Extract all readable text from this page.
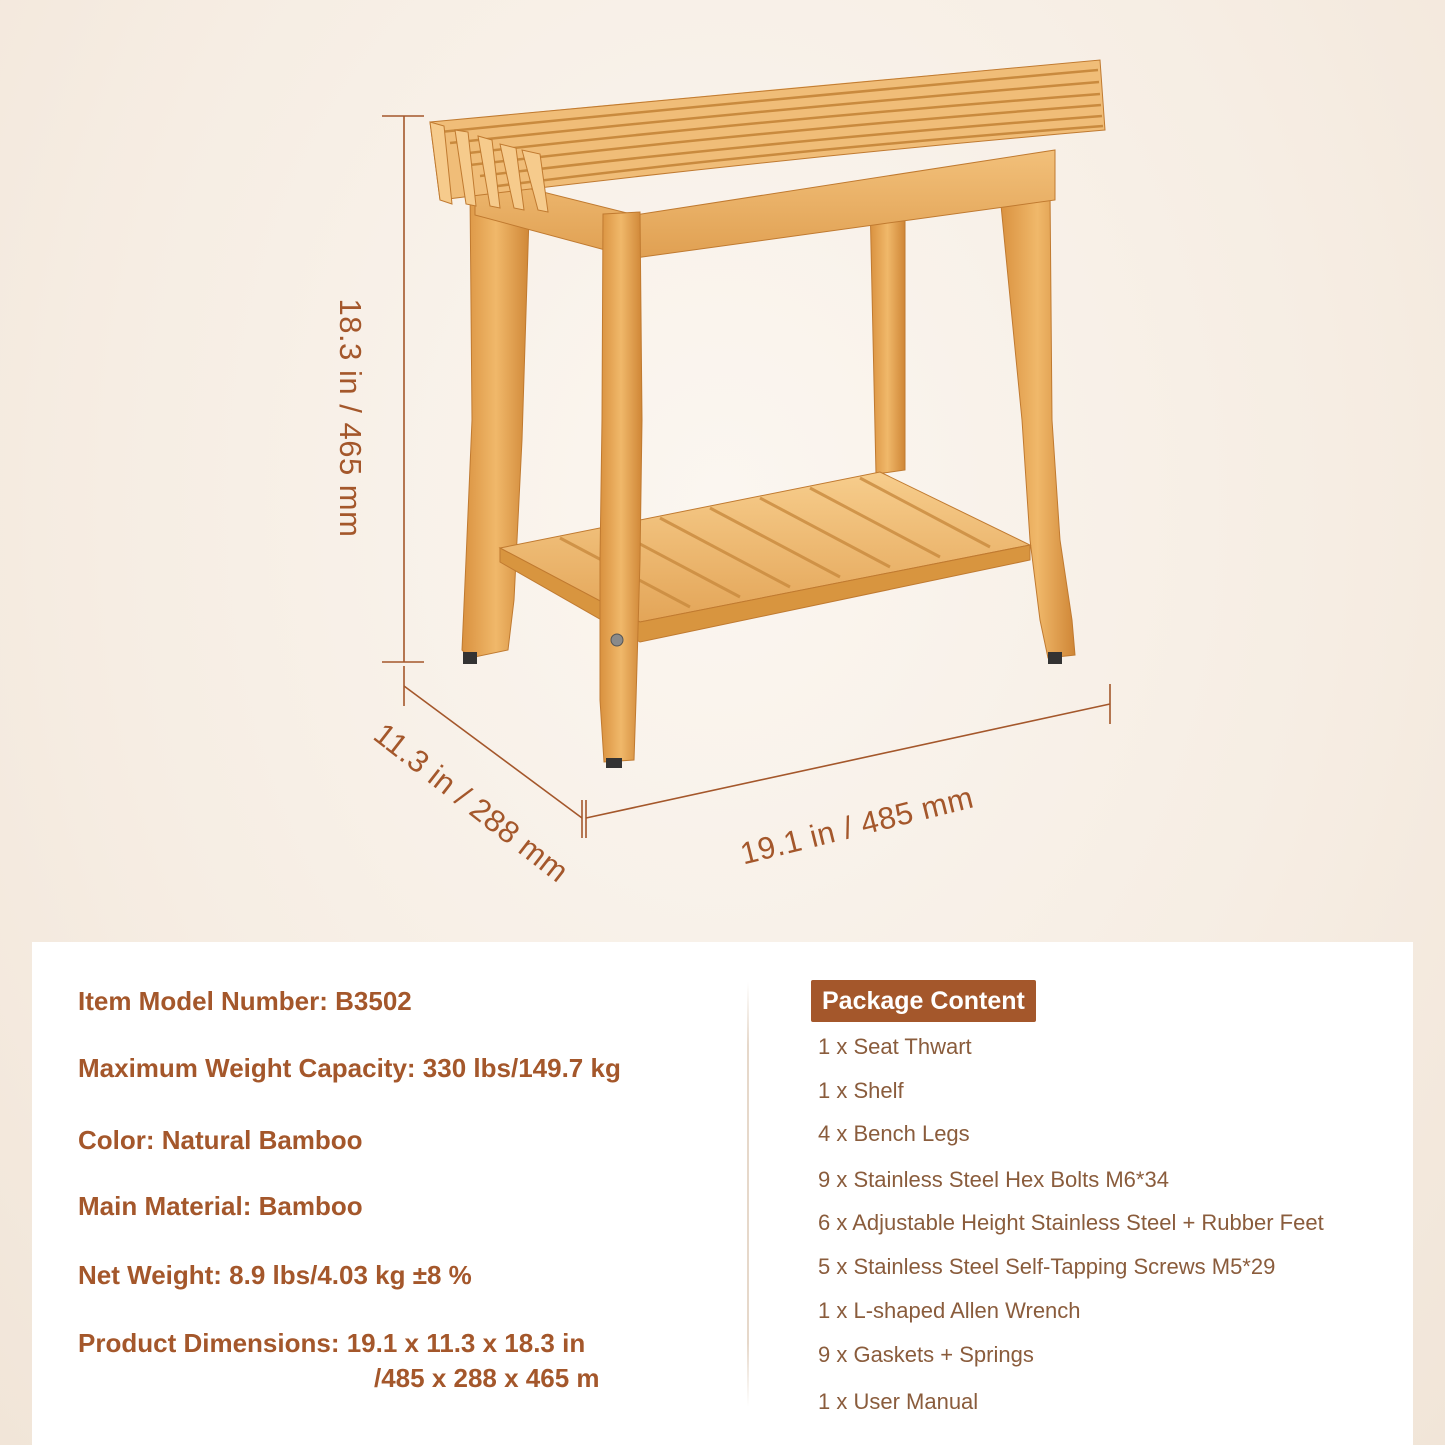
18.3 in / 465 mm
11.3 in / 288 mm	19.1 in / 485 mm
Item Model Number: B3502
Maximum Weight Capacity: 330 lbs/149.7 kg
Color: Natural Bamboo
Main Material: Bamboo
Net Weight: 8.9 lbs/4.03 kg ±8 %
Product Dimensions: 19.1 x 11.3 x 18.3 in
/485 x 288 x 465 m
Package Content
1 x Seat Thwart
1 x Shelf
4 x Bench Legs
9 x Stainless Steel Hex Bolts M6*34
6 x Adjustable Height Stainless Steel + Rubber Feet
5 x Stainless Steel Self-Tapping Screws M5*29
1 x L-shaped Allen Wrench
9 x Gaskets + Springs
1 x User Manual
